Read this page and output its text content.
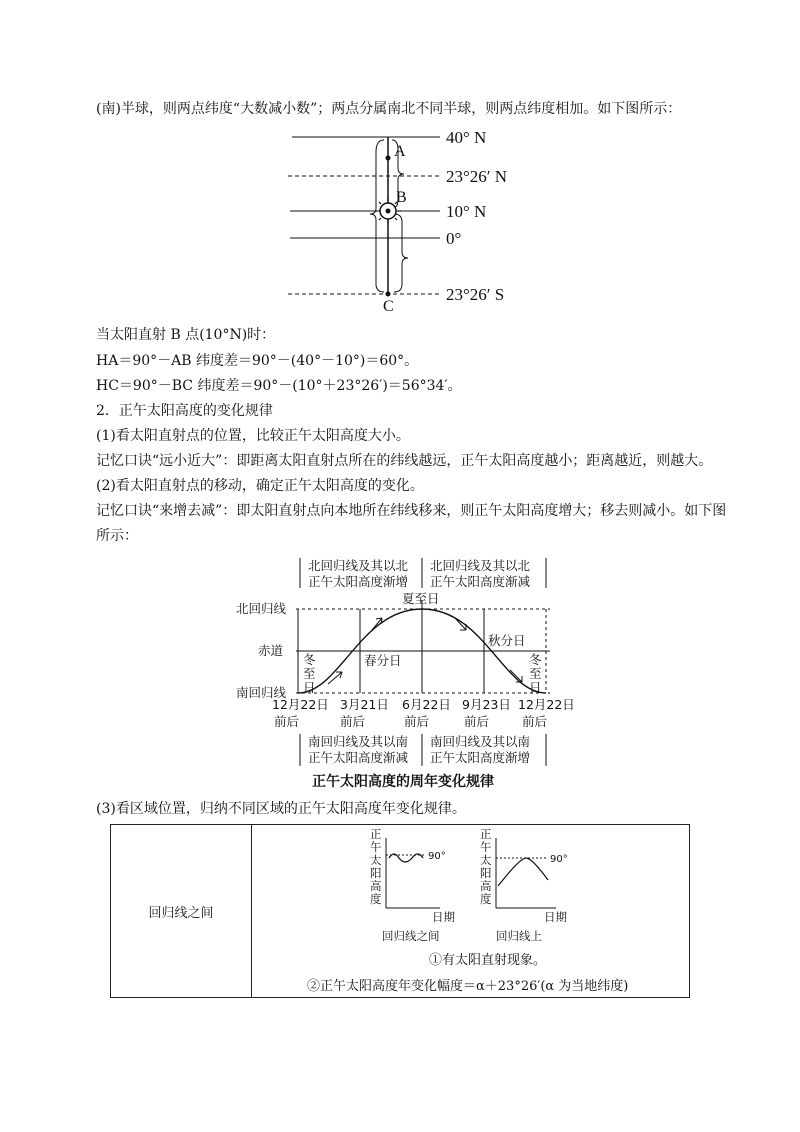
(南)半球，则两点纬度“大数减小数”；两点分属南北不同半球，则两点纬度相加。如下图所示：
40° N
23°26′ N
10° N
0°
23°26′ S
A
B
C
当太阳直射 B 点(10°N)时：
HA＝90°－AB 纬度差＝90°－(40°－10°)＝60°。
HC＝90°－BC 纬度差＝90°－(10°＋23°26′)＝56°34′。
2．正午太阳高度的变化规律
(1)看太阳直射点的位置，比较正午太阳高度大小。
记忆口诀“远小近大”：即距离太阳直射点所在的纬线越远，正午太阳高度越小；距离越近，则越大。
(2)看太阳直射点的移动，确定正午太阳高度的变化。
记忆口诀“来增去减”：即太阳直射点向本地所在纬线移来，则正午太阳高度增大；移去则减小。如下图
所示：
北回归线及其以北
正午太阳高度渐增
北回归线及其以北
正午太阳高度渐减
北回归线
赤道
南回归线
夏至日
春分日
秋分日
冬
至
日
冬
至
日
12月22日 3月21日 6月22日 9月23日 12月22日
前后	前后	前后	前后	前后
南回归线及其以南
正午太阳高度渐减
南回归线及其以南
正午太阳高度渐增
正午太阳高度的周年变化规律
(3)看区域位置，归纳不同区域的正午太阳高度年变化规律。
回归线之间
①有太阳直射现象。
②正午太阳高度年变化幅度＝α＋23°26′(α 为当地纬度)
正
午
太
阳
高
度
90°
日期
回归线之间
正
午
太
阳
高
度
90°
日期
回归线上
